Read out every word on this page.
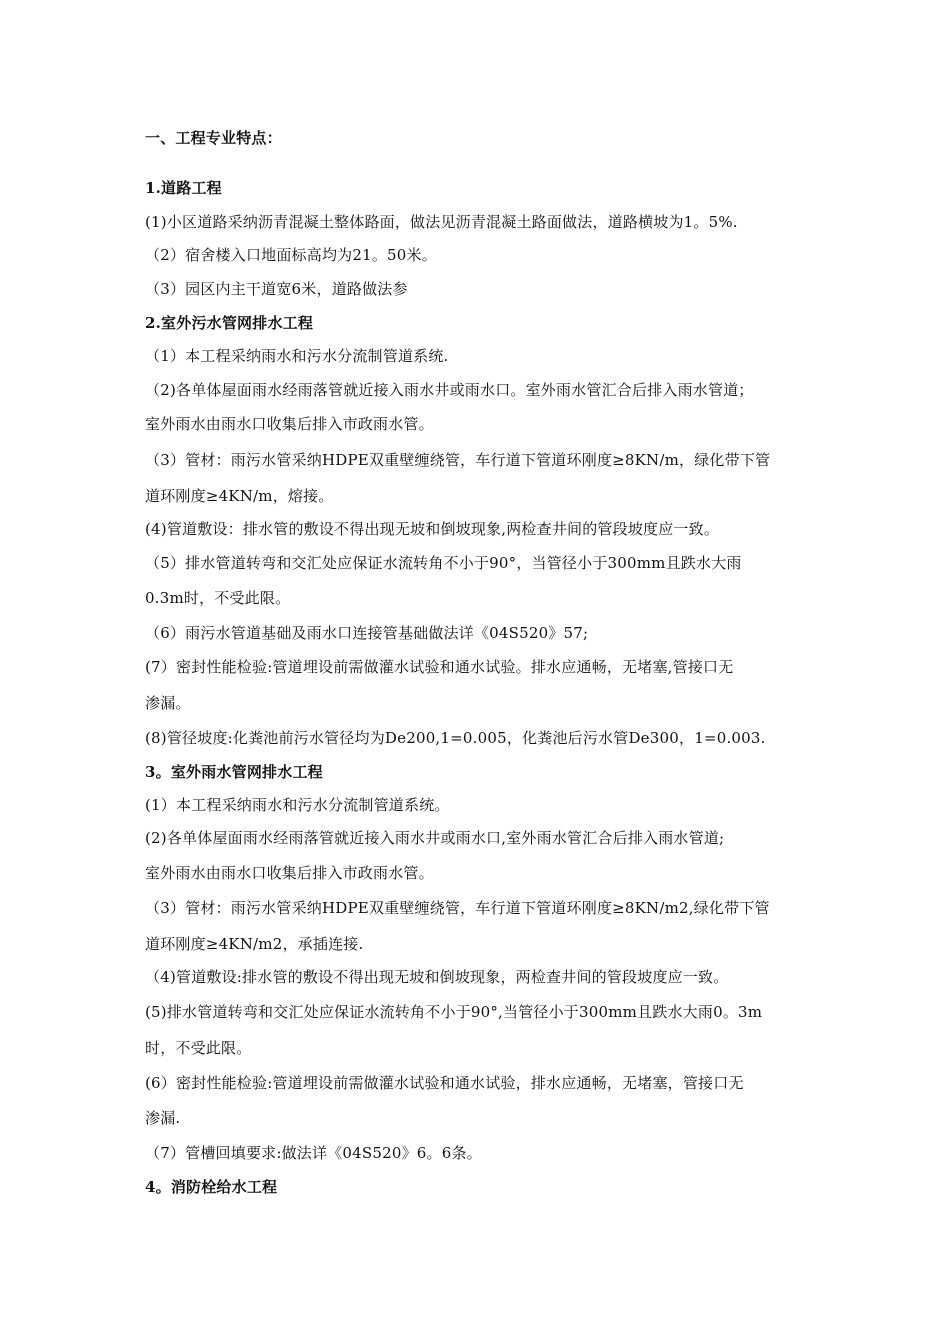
一、工程专业特点：
1.道路工程
(1)小区道路采纳沥青混凝土整体路面，做法见沥青混凝土路面做法，道路横坡为1。5%.
（2）宿舍楼入口地面标高均为21。50米。
（3）园区内主干道宽6米，道路做法参
2.室外污水管网排水工程
（1）本工程采纳雨水和污水分流制管道系统.
（2)各单体屋面雨水经雨落管就近接入雨水井或雨水口。室外雨水管汇合后排入雨水管道；
室外雨水由雨水口收集后排入市政雨水管。
（3）管材：雨污水管采纳HDPE双重壁缠绕管，车行道下管道环刚度≥8KN/m，绿化带下管
道环刚度≥4KN/m，熔接。
(4)管道敷设：排水管的敷设不得出现无坡和倒坡现象,两检查井间的管段坡度应一致。
（5）排水管道转弯和交汇处应保证水流转角不小于90°，当管径小于300mm且跌水大雨
0.3m时，不受此限。
（6）雨污水管道基础及雨水口连接管基础做法详《04S520》57;
(7）密封性能检验:管道埋设前需做灌水试验和通水试验。排水应通畅，无堵塞,管接口无
渗漏。
(8)管径坡度:化粪池前污水管径均为De200,1=0.005，化粪池后污水管De300，1=0.003.
3。室外雨水管网排水工程
(1）本工程采纳雨水和污水分流制管道系统。
(2)各单体屋面雨水经雨落管就近接入雨水井或雨水口,室外雨水管汇合后排入雨水管道;
室外雨水由雨水口收集后排入市政雨水管。
（3）管材：雨污水管采纳HDPE双重壁缠绕管，车行道下管道环刚度≥8KN/m2,绿化带下管
道环刚度≥4KN/m2，承插连接.
（4)管道敷设:排水管的敷设不得出现无坡和倒坡现象，两检查井间的管段坡度应一致。
(5)排水管道转弯和交汇处应保证水流转角不小于90°,当管径小于300mm且跌水大雨0。3m
时，不受此限。
(6）密封性能检验:管道埋设前需做灌水试验和通水试验，排水应通畅，无堵塞，管接口无
渗漏.
（7）管槽回填要求:做法详《04S520》6。6条。
4。消防栓给水工程
